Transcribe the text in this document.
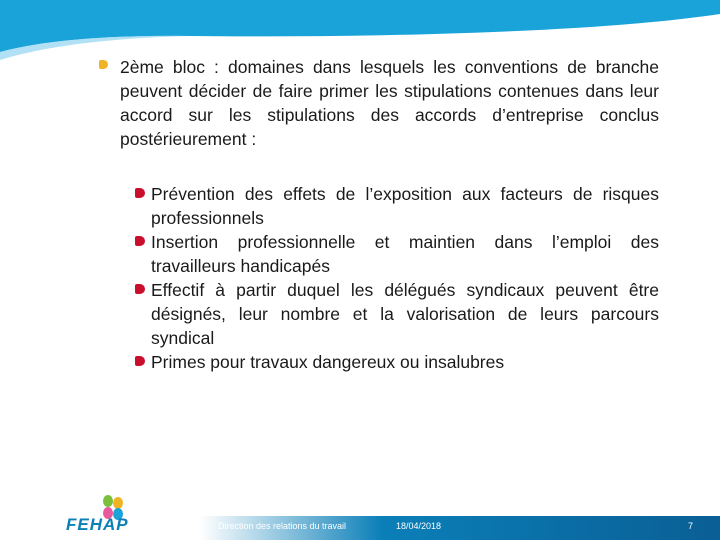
2ème bloc : domaines dans lesquels les conventions de branche peuvent décider de faire primer les stipulations contenues dans leur accord sur les stipulations des accords d’entreprise conclus postérieurement :
Prévention des effets de l’exposition aux facteurs de risques professionnels
Insertion professionnelle et maintien dans l’emploi des travailleurs handicapés
Effectif à partir duquel les délégués syndicaux peuvent être désignés, leur nombre et la valorisation de leurs parcours syndical
Primes pour travaux dangereux ou insalubres
Direction des relations du travail	18/04/2018	7
FEHAP
